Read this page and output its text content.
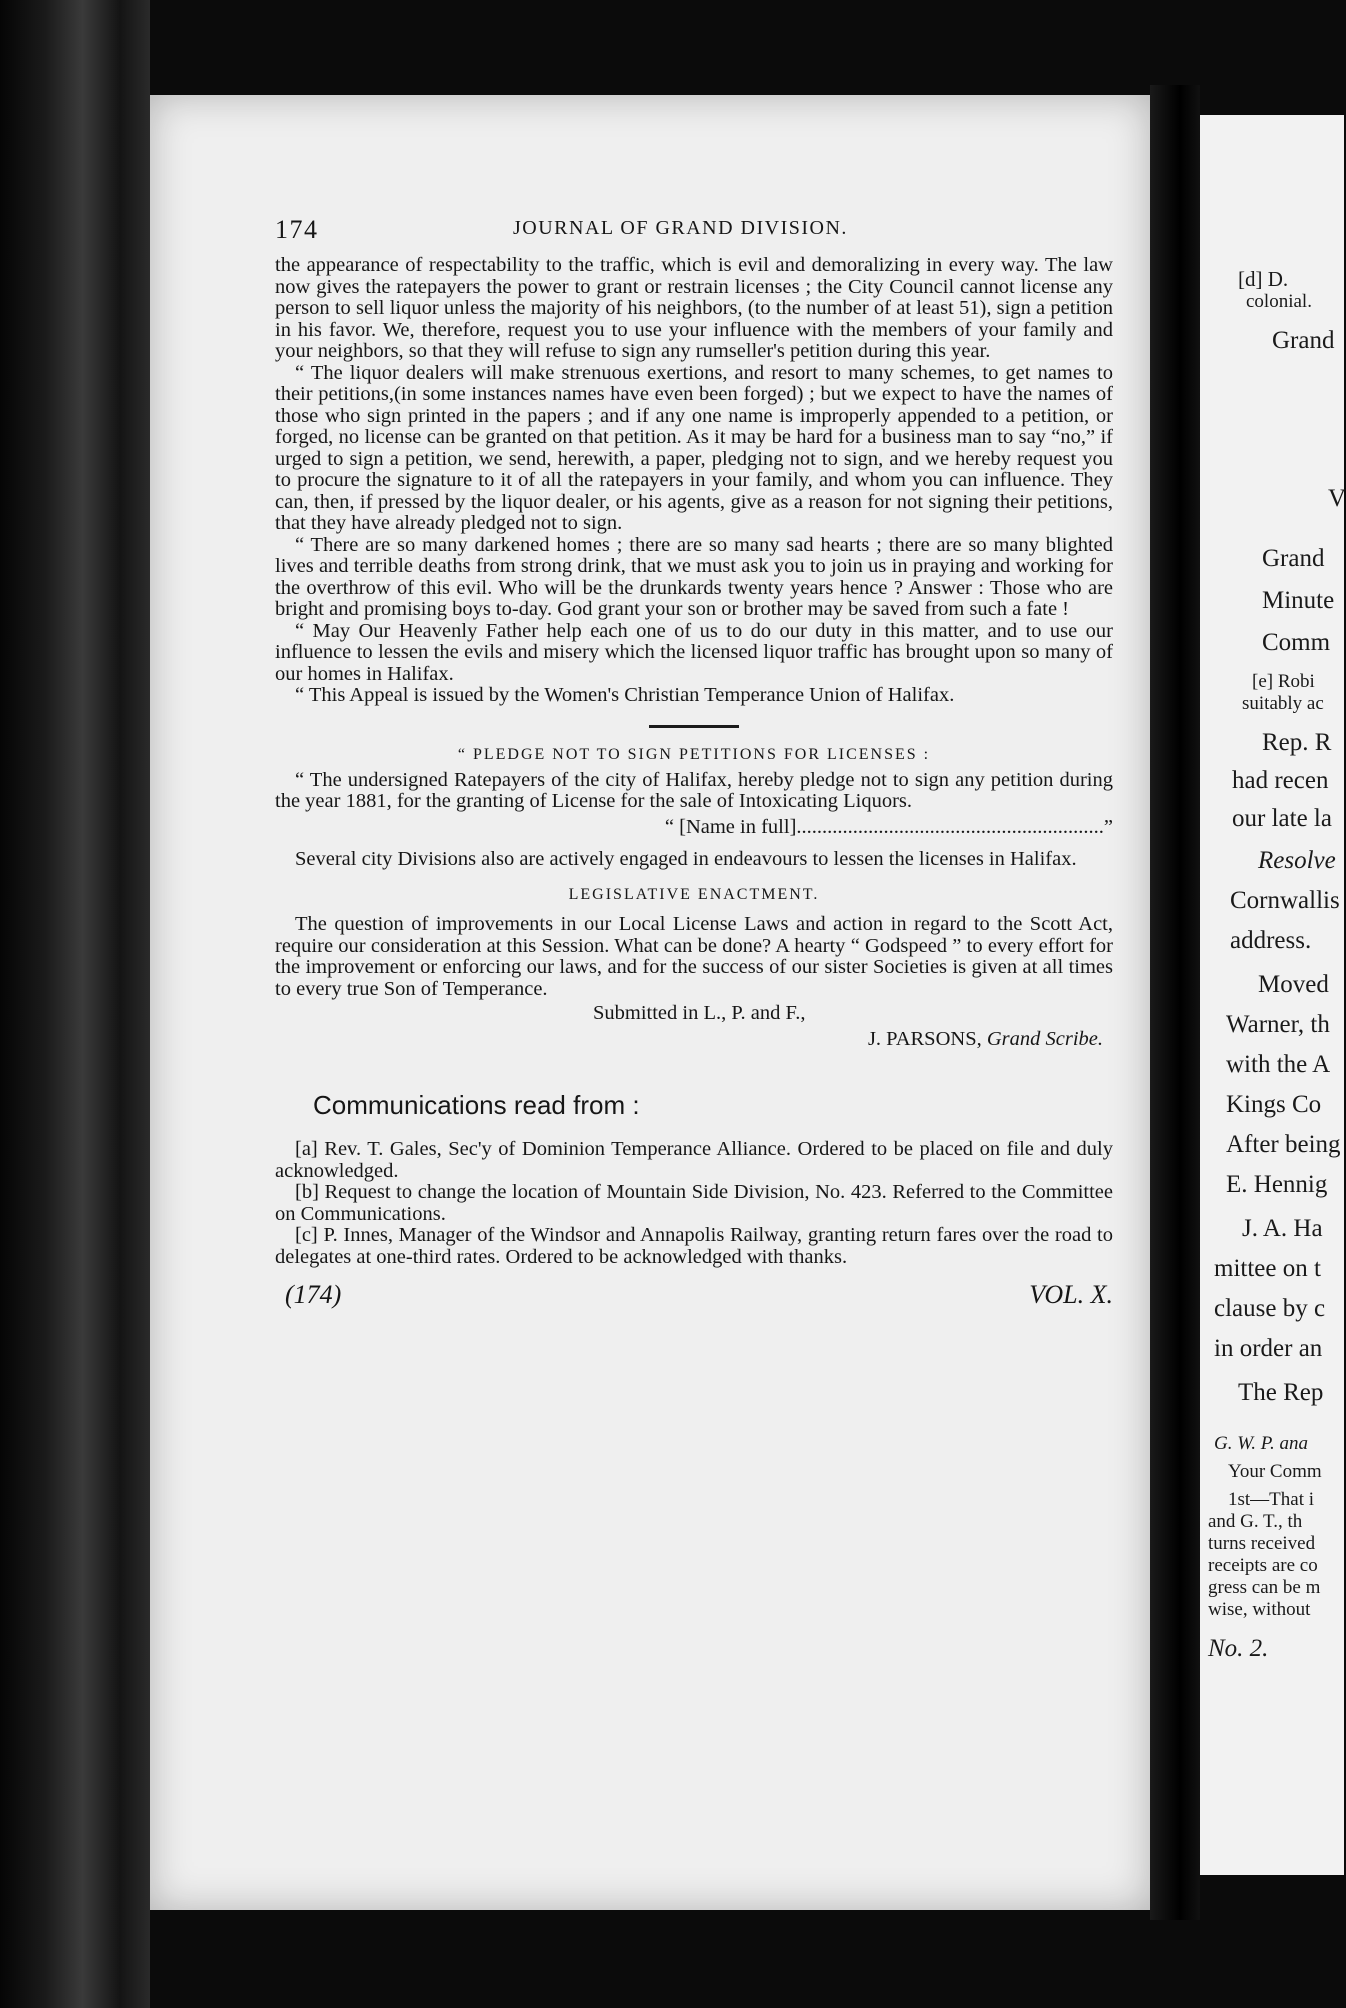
[d] D.
colonial.
Grand
V
Grand
Minute
Comm
[e] Robi
suitably ac
Rep. R
had recen
our late la
Resolve
Cornwallis
address.
Moved
Warner, th
with the A
Kings Co
After being
E. Hennig
J. A. Ha
mittee on t
clause by c
in order an
The Rep
G. W. P. ana
Your Comm
1st—That i
and G. T., th
turns received
receipts are co
gress can be m
wise, without
No. 2.
174	JOURNAL OF GRAND DIVISION.

the appearance of respectability to the traffic, which is evil and demoralizing in every way. The law now gives the ratepayers the power to grant or restrain licenses ; the City Council cannot license any person to sell liquor unless the majority of his neighbors, (to the number of at least 51), sign a petition in his favor. We, therefore, request you to use your influence with the members of your family and your neighbors, so that they will refuse to sign any rumseller's petition during this year.

“ The liquor dealers will make strenuous exertions, and resort to many schemes, to get names to their petitions,(in some instances names have even been forged) ; but we expect to have the names of those who sign printed in the papers ; and if any one name is improperly appended to a petition, or forged, no license can be granted on that petition. As it may be hard for a business man to say “no,” if urged to sign a petition, we send, herewith, a paper, pledging not to sign, and we hereby request you to procure the signature to it of all the ratepayers in your family, and whom you can influence. They can, then, if pressed by the liquor dealer, or his agents, give as a reason for not signing their petitions, that they have already pledged not to sign.

“ There are so many darkened homes ; there are so many sad hearts ; there are so many blighted lives and terrible deaths from strong drink, that we must ask you to join us in praying and working for the overthrow of this evil. Who will be the drunkards twenty years hence ? Answer : Those who are bright and promising boys to-day. God grant your son or brother may be saved from such a fate !

“ May Our Heavenly Father help each one of us to do our duty in this matter, and to use our influence to lessen the evils and misery which the licensed liquor traffic has brought upon so many of our homes in Halifax.

“ This Appeal is issued by the Women's Christian Temperance Union of Halifax.

“ PLEDGE NOT TO SIGN PETITIONS FOR LICENSES :

“ The undersigned Ratepayers of the city of Halifax, hereby pledge not to sign any petition during the year 1881, for the granting of License for the sale of Intoxicating Liquors.

“ [Name in full]............................................................”

Several city Divisions also are actively engaged in endeavours to lessen the licenses in Halifax.

LEGISLATIVE ENACTMENT.

The question of improvements in our Local License Laws and action in regard to the Scott Act, require our consideration at this Session. What can be done? A hearty “ Godspeed ” to every effort for the improvement or enforcing our laws, and for the success of our sister Societies is given at all times to every true Son of Temperance.

Submitted in L., P. and F.,
J. PARSONS, Grand Scribe.
Communications read from :

[a] Rev. T. Gales, Sec'y of Dominion Temperance Alliance. Ordered to be placed on file and duly acknowledged.

[b] Request to change the location of Mountain Side Division, No. 423. Referred to the Committee on Communications.

[c] P. Innes, Manager of the Windsor and Annapolis Railway, granting return fares over the road to delegates at one-third rates. Ordered to be acknowledged with thanks.

(174)	VOL. X.
